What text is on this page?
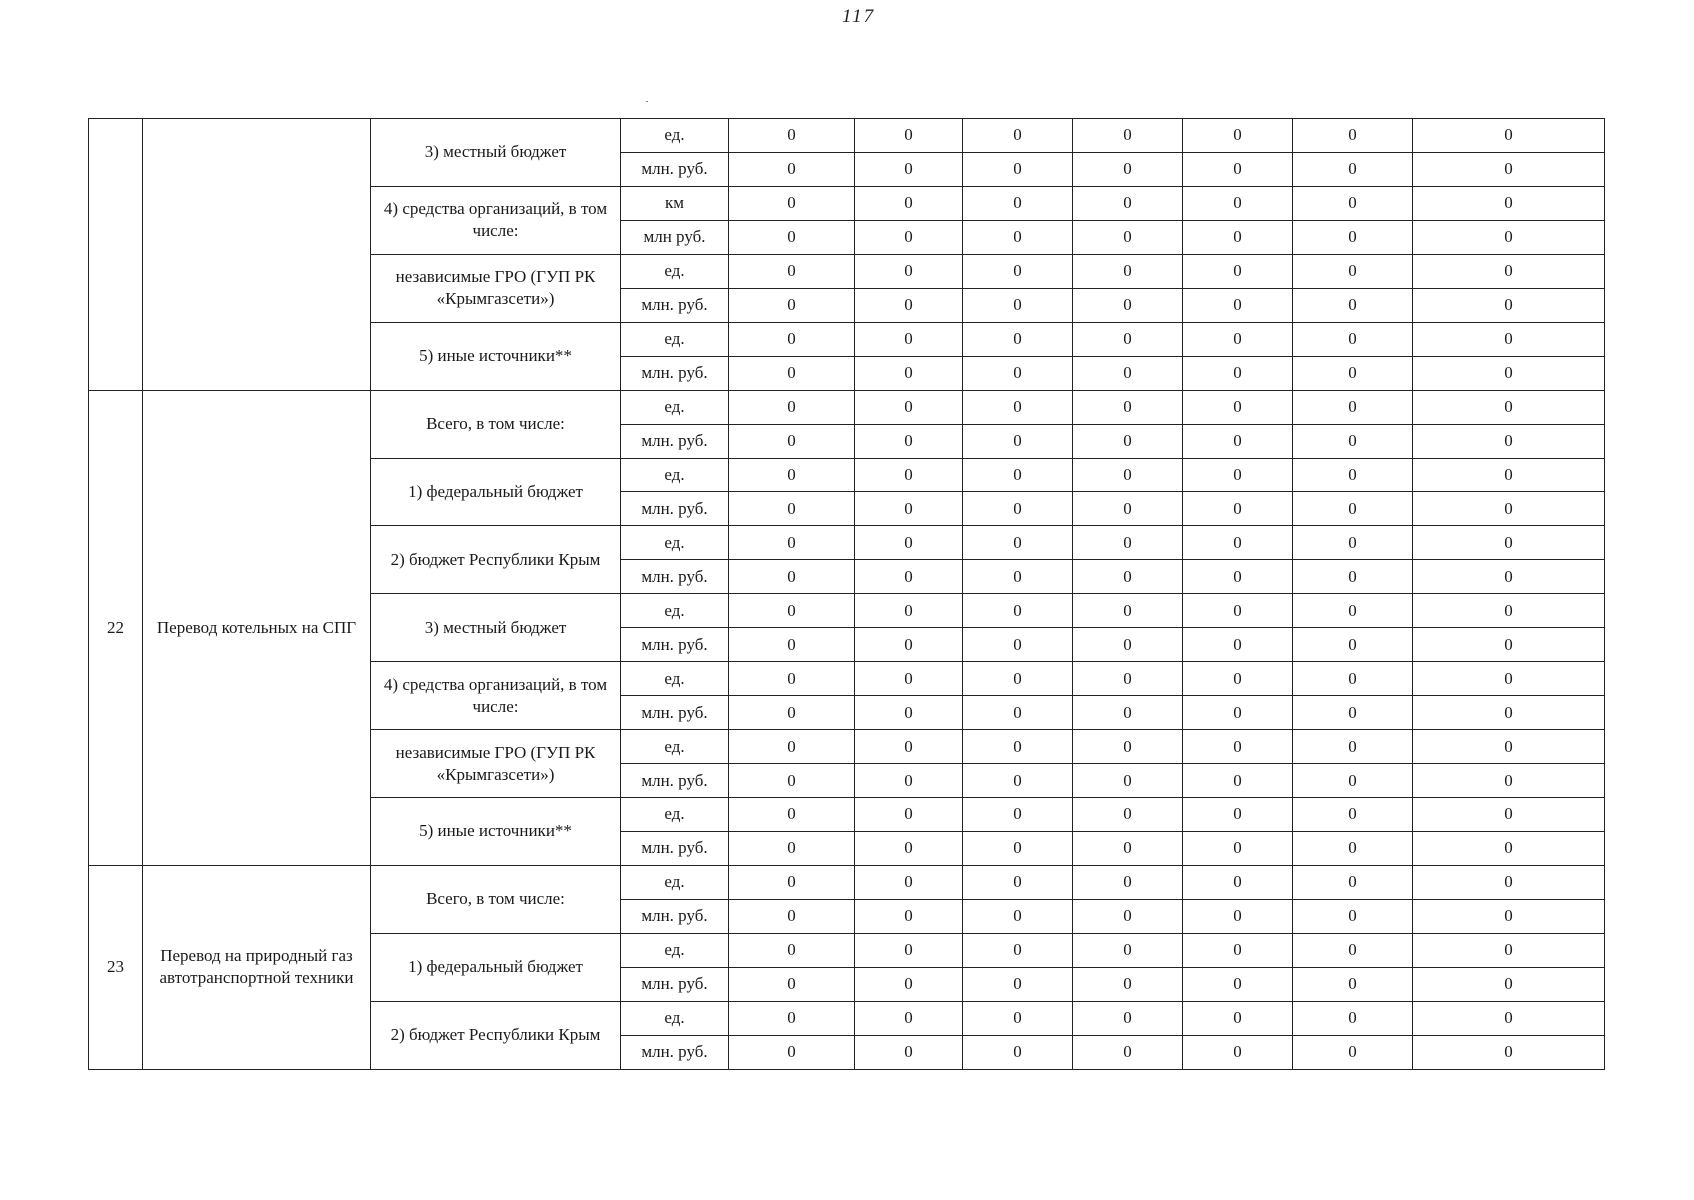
117
		3) местный бюджет	ед.	0	0	0	0	0	0	0
			млн. руб.	0	0	0	0	0	0	0
		4) средства организаций, в том числе:	км	0	0	0	0	0	0	0
			млн руб.	0	0	0	0	0	0	0
		независимые ГРО (ГУП РК «Крымгазсети»)	ед.	0	0	0	0	0	0	0
			млн. руб.	0	0	0	0	0	0	0
		5) иные источники**	ед.	0	0	0	0	0	0	0
			млн. руб.	0	0	0	0	0	0	0
22	Перевод котельных на СПГ	Всего, в том числе:	ед.	0	0	0	0	0	0	0
			млн. руб.	0	0	0	0	0	0	0
		1) федеральный бюджет	ед.	0	0	0	0	0	0	0
			млн. руб.	0	0	0	0	0	0	0
		2) бюджет Республики Крым	ед.	0	0	0	0	0	0	0
			млн. руб.	0	0	0	0	0	0	0
		3) местный бюджет	ед.	0	0	0	0	0	0	0
			млн. руб.	0	0	0	0	0	0	0
		4) средства организаций, в том числе:	ед.	0	0	0	0	0	0	0
			млн. руб.	0	0	0	0	0	0	0
		независимые ГРО (ГУП РК «Крымгазсети»)	ед.	0	0	0	0	0	0	0
			млн. руб.	0	0	0	0	0	0	0
		5) иные источники**	ед.	0	0	0	0	0	0	0
			млн. руб.	0	0	0	0	0	0	0
23	Перевод на природный газ автотранспортной техники	Всего, в том числе:	ед.	0	0	0	0	0	0	0
			млн. руб.	0	0	0	0	0	0	0
		1) федеральный бюджет	ед.	0	0	0	0	0	0	0
			млн. руб.	0	0	0	0	0	0	0
		2) бюджет Республики Крым	ед.	0	0	0	0	0	0	0
			млн. руб.	0	0	0	0	0	0	0
